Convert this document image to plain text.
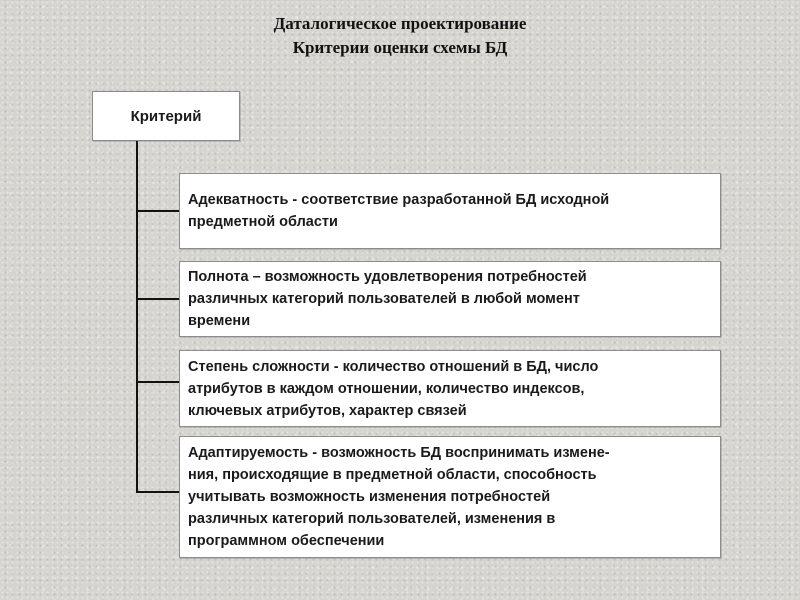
Даталогическое проектирование
Критерии оценки схемы БД
Критерий
Адекватность - соответствие разработанной БД исходной
предметной области
Полнота – возможность удовлетворения потребностей
различных категорий пользователей в любой момент
времени
Степень сложности - количество отношений в БД, число
атрибутов в каждом отношении, количество индексов,
ключевых атрибутов, характер связей
Адаптируемость - возможность БД воспринимать измене-
ния, происходящие в предметной области, способность
учитывать возможность изменения потребностей
различных категорий пользователей, изменения в
программном обеспечении
